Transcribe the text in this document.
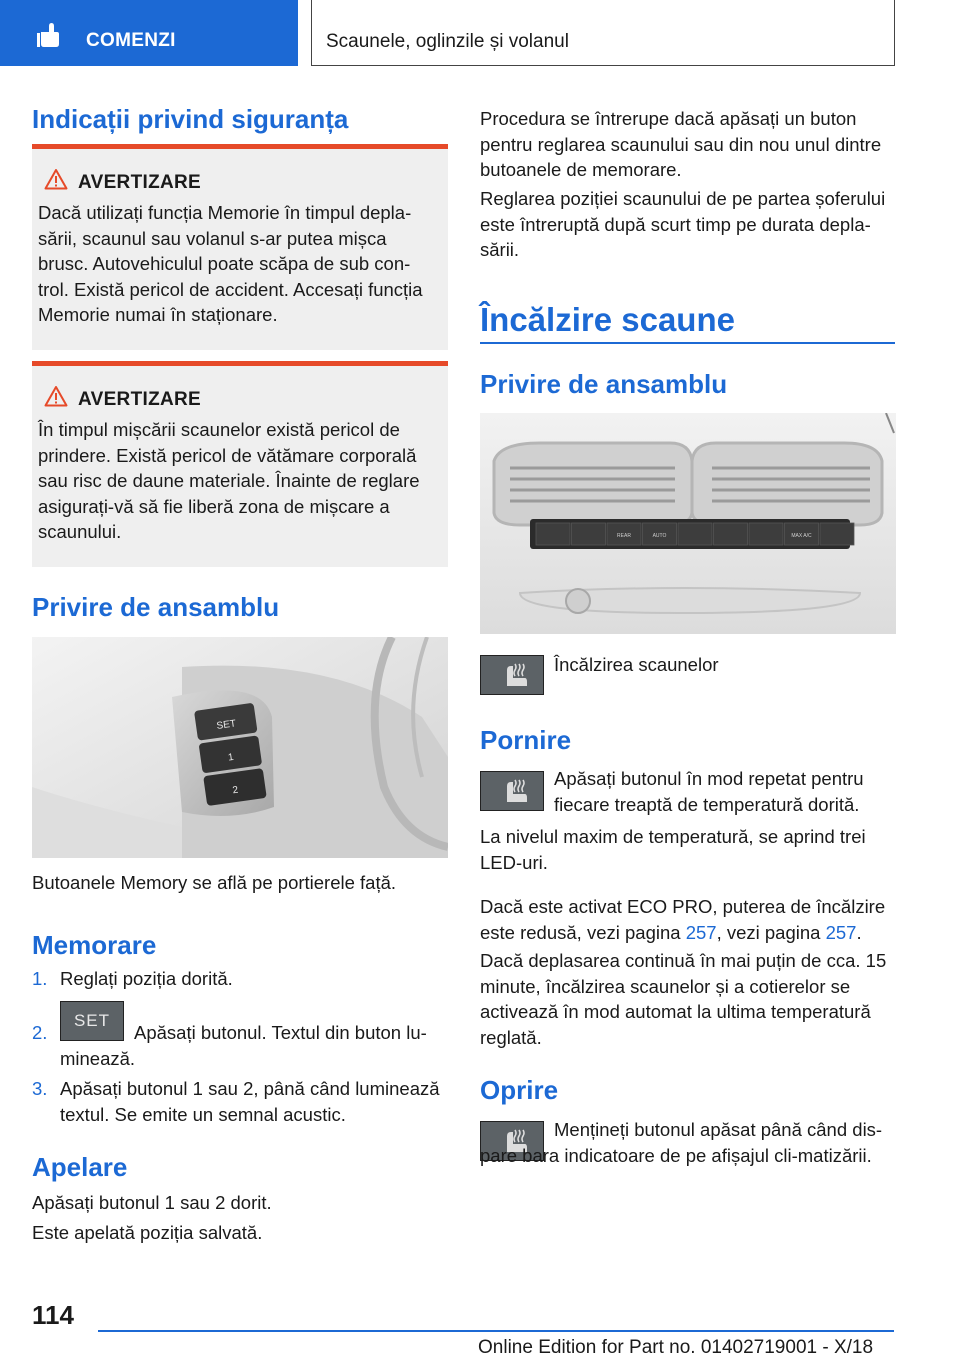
COMENZI	Scaunele, oglinzile și volanul
Indicații privind siguranța
AVERTIZARE
Dacă utilizați funcția Memorie în timpul depla-sării, scaunul sau volanul s-ar putea mișca brusc. Autovehiculul poate scăpa de sub con-trol. Există pericol de accident. Accesați funcția Memorie numai în staționare.
AVERTIZARE
În timpul mișcării scaunelor există pericol de prindere. Există pericol de vătămare corporală sau risc de daune materiale. Înainte de reglare asigurați-vă să fie liberă zona de mișcare a scaunului.
Privire de ansamblu
SET
1
2
Butoanele Memory se află pe portierele față.
Memorare
1. Reglați poziția dorită.
2.
SET
Apăsați butonul. Textul din buton lu-minează.
3. Apăsați butonul 1 sau 2, până când luminează textul. Se emite un semnal acustic.
Apelare
Apăsați butonul 1 sau 2 dorit.
Este apelată poziția salvată.
Procedura se întrerupe dacă apăsați un buton pentru reglarea scaunului sau din nou unul dintre butoanele de memorare.
Reglarea poziției scaunului de pe partea șoferului este întreruptă după scurt timp pe durata depla-sării.
Încălzire scaune
Privire de ansamblu
REAR	AUTO	MAX A/C
Încălzirea scaunelor
Pornire
Apăsați butonul în mod repetat pentru fiecare treaptă de temperatură dorită.
La nivelul maxim de temperatură, se aprind trei LED-uri.
Dacă este activat ECO PRO, puterea de încălzire este redusă, vezi pagina 257, vezi pagina 257.
Dacă deplasarea continuă în mai puțin de cca. 15 minute, încălzirea scaunelor și a cotierelor se activează în mod automat la ultima temperatură reglată.
Oprire
Mențineți butonul apăsat până când dis-pare bara indicatoare de pe afișajul cli-matizării.
114
Online Edition for Part no. 01402719001 - X/18
